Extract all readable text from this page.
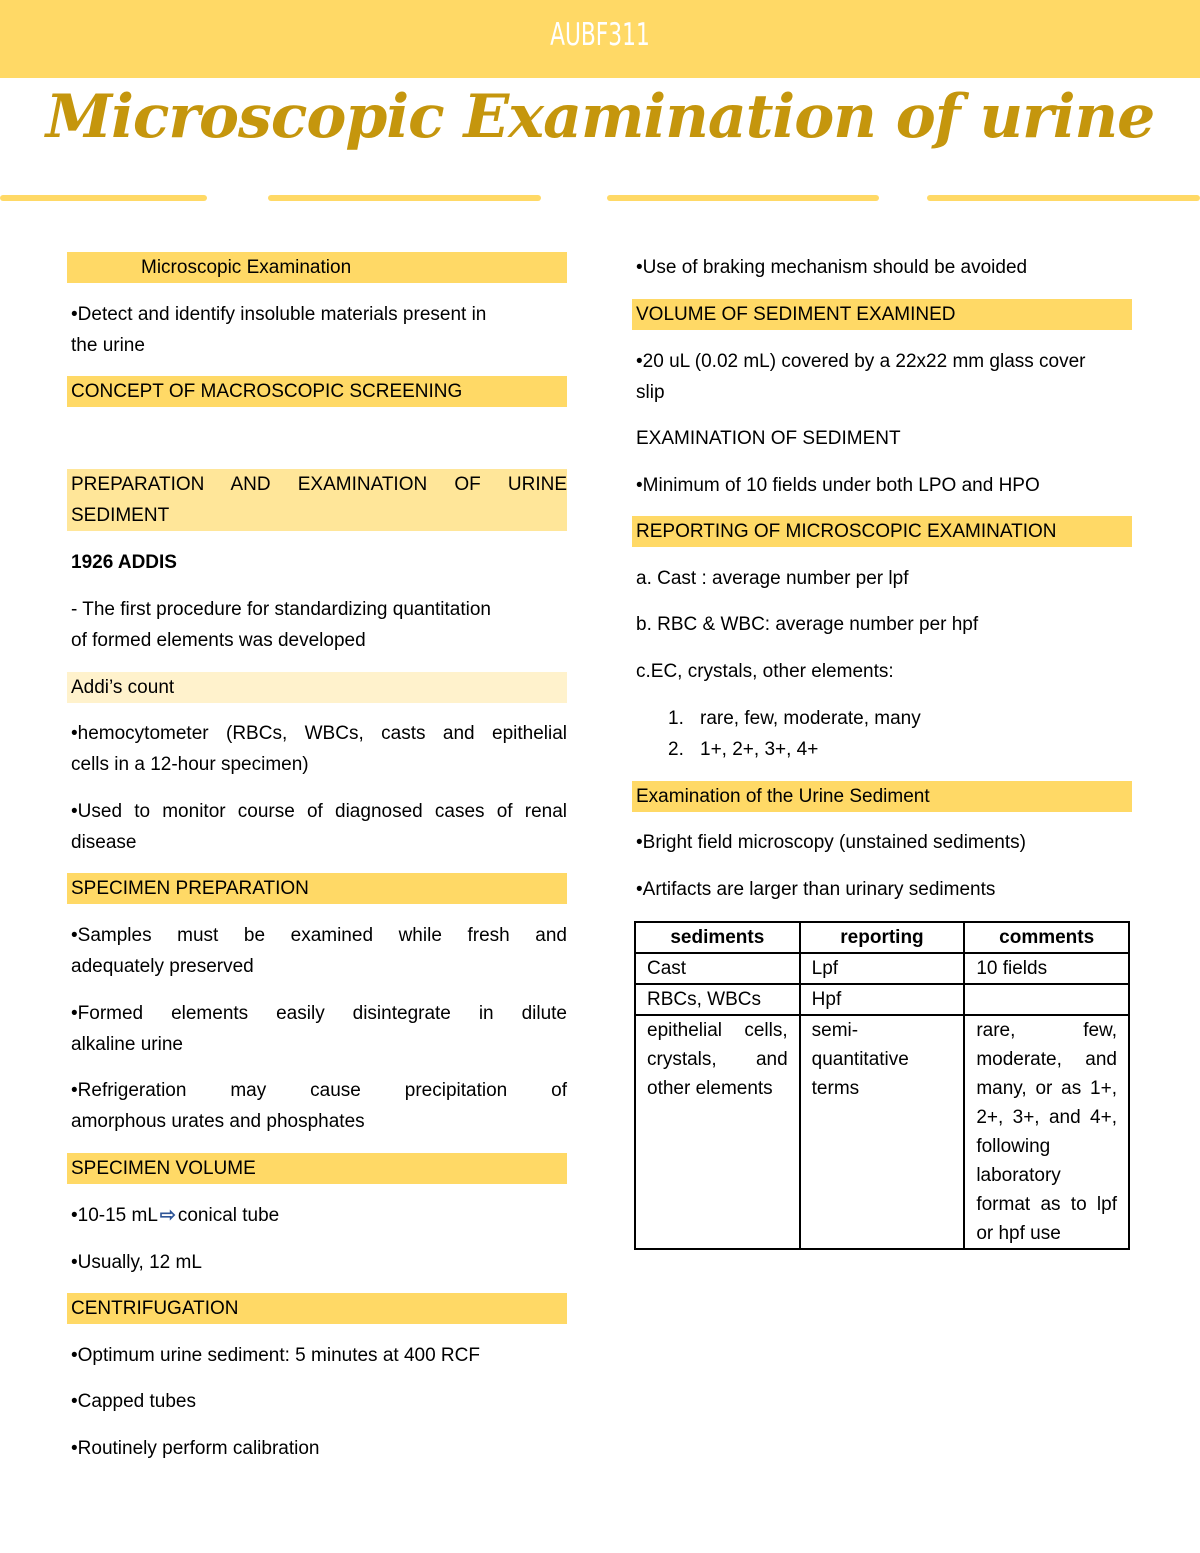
AUBF311
Microscopic Examination of urine
Microscopic Examination
•Detect and identify insoluble materials present in
the urine
CONCEPT OF MACROSCOPIC SCREENING
PREPARATION AND EXAMINATION OF URINE
SEDIMENT
1926 ADDIS
- The first procedure for standardizing quantitation
of formed elements was developed
Addi’s count
•hemocytometer (RBCs, WBCs, casts and epithelial
cells in a 12-hour specimen)
•Used to monitor course of diagnosed cases of renal
disease
SPECIMEN PREPARATION
•Samples must be examined while fresh and
adequately preserved
•Formed elements easily disintegrate in dilute
alkaline urine
•Refrigeration may cause precipitation of
amorphous urates and phosphates
SPECIMEN VOLUME
•10-15 mL ⇨ conical tube
•Usually, 12 mL
CENTRIFUGATION
•Optimum urine sediment: 5 minutes at 400 RCF
•Capped tubes
•Routinely perform calibration
•Use of braking mechanism should be avoided
VOLUME OF SEDIMENT EXAMINED
•20 uL (0.02 mL) covered by a 22x22 mm glass cover
slip
EXAMINATION OF SEDIMENT
•Minimum of 10 fields under both LPO and HPO
REPORTING OF MICROSCOPIC EXAMINATION
a. Cast : average number per lpf
b. RBC & WBC: average number per hpf
c.EC, crystals, other elements:
1. rare, few, moderate, many
2. 1+, 2+, 3+, 4+
Examination of the Urine Sediment
•Bright field microscopy (unstained sediments)
•Artifacts are larger than urinary sediments
sediments	reporting	comments
Cast	Lpf	10 fields
RBCs, WBCs	Hpf	
epithelial cells, crystals, and other elements	semi-quantitative terms	rare, few, moderate, and many, or as 1+, 2+, 3+, and 4+, following laboratory format as to lpf or hpf use
